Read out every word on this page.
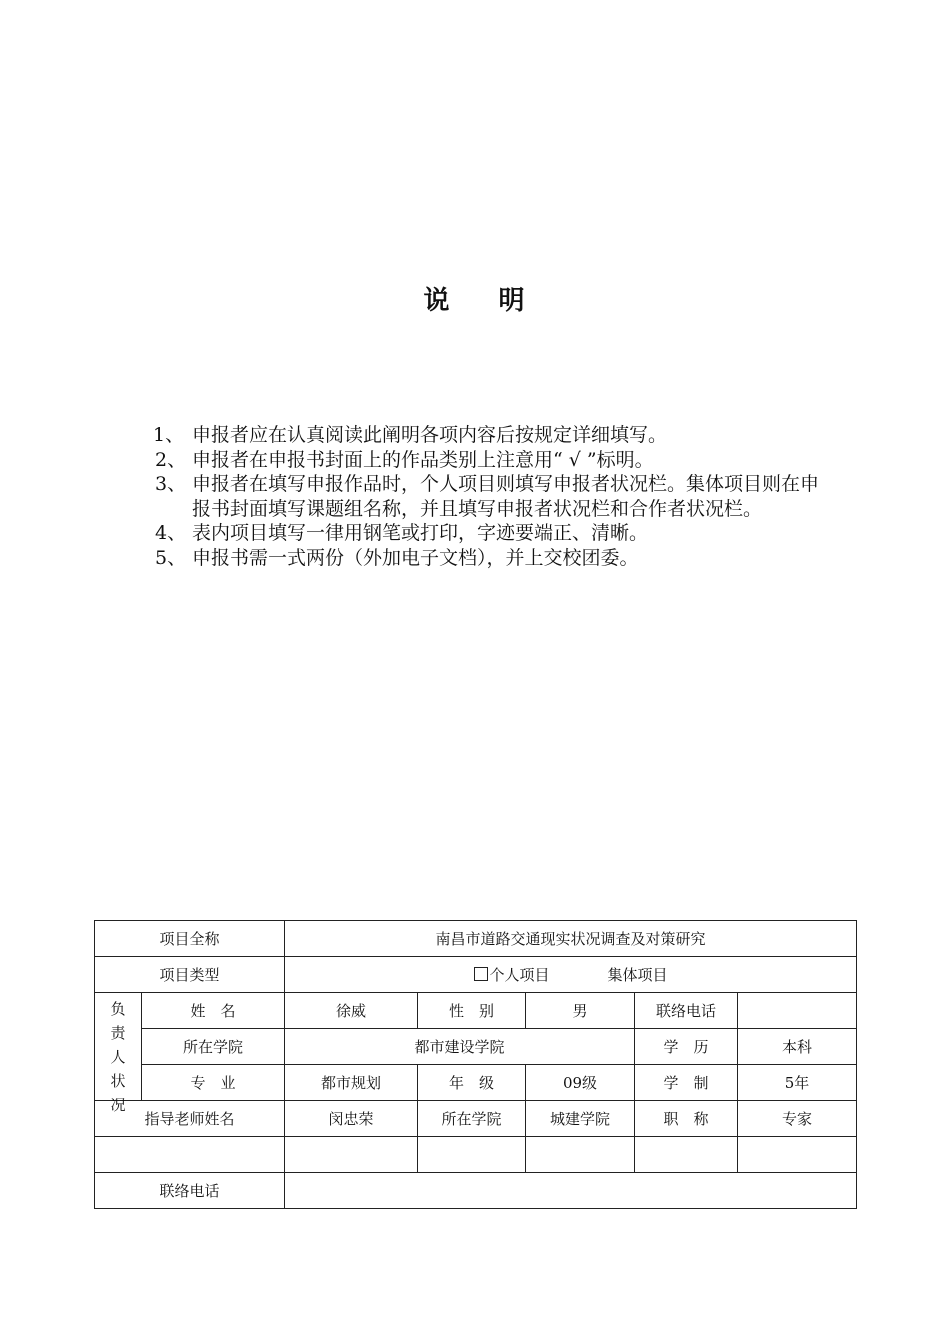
说 明
1、 申报者应在认真阅读此阐明各项内容后按规定详细填写。
2、 申报者在申报书封面上的作品类别上注意用“ √ ”标明。
3、 申报者在填写申报作品时，个人项目则填写申报者状况栏。集体项目则在申报书封面填写课题组名称，并且填写申报者状况栏和合作者状况栏。
4、 表内项目填写一律用钢笔或打印，字迹要端正、清晰。
5、 申报书需一式两份（外加电子文档），并上交校团委。
项目全称		南昌市道路交通现实状况调查及对策研究				
项目类型		个人项目 集体项目				

负责人状况	姓　名	徐威	性　别	男	联络电话	
	所在学院	都市建设学院			学　历	本科
	专　业	都市规划	年　级	09级	学　制	5年
指导老师姓名		闵忠荣	所在学院	城建学院	职　称	专家

联络电话						
